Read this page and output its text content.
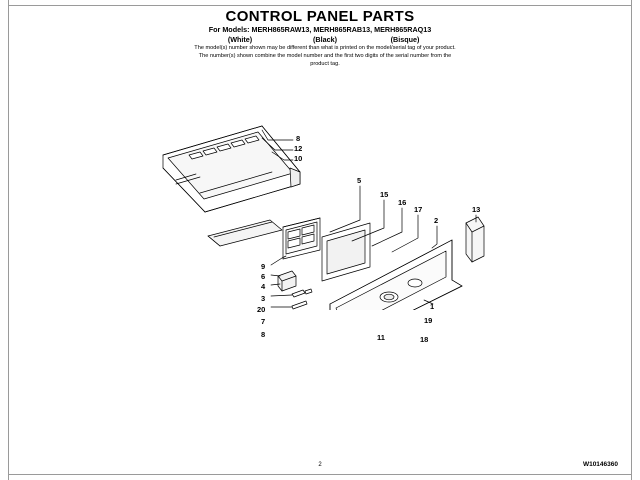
CONTROL PANEL PARTS
For Models: MERH865RAW13, MERH865RAB13, MERH865RAQ13
(White)	(Black)	(Bisque)
The model(s) number shown may be different than what is printed on the model/serial tag of your product. The number(s) shown combine the model number and the first two digits of the serial number from the product tag.
8
12
10
5
15
16
17
2
13
9
6
4
3
20
7
8	11	18
19
1
2	W10146360
